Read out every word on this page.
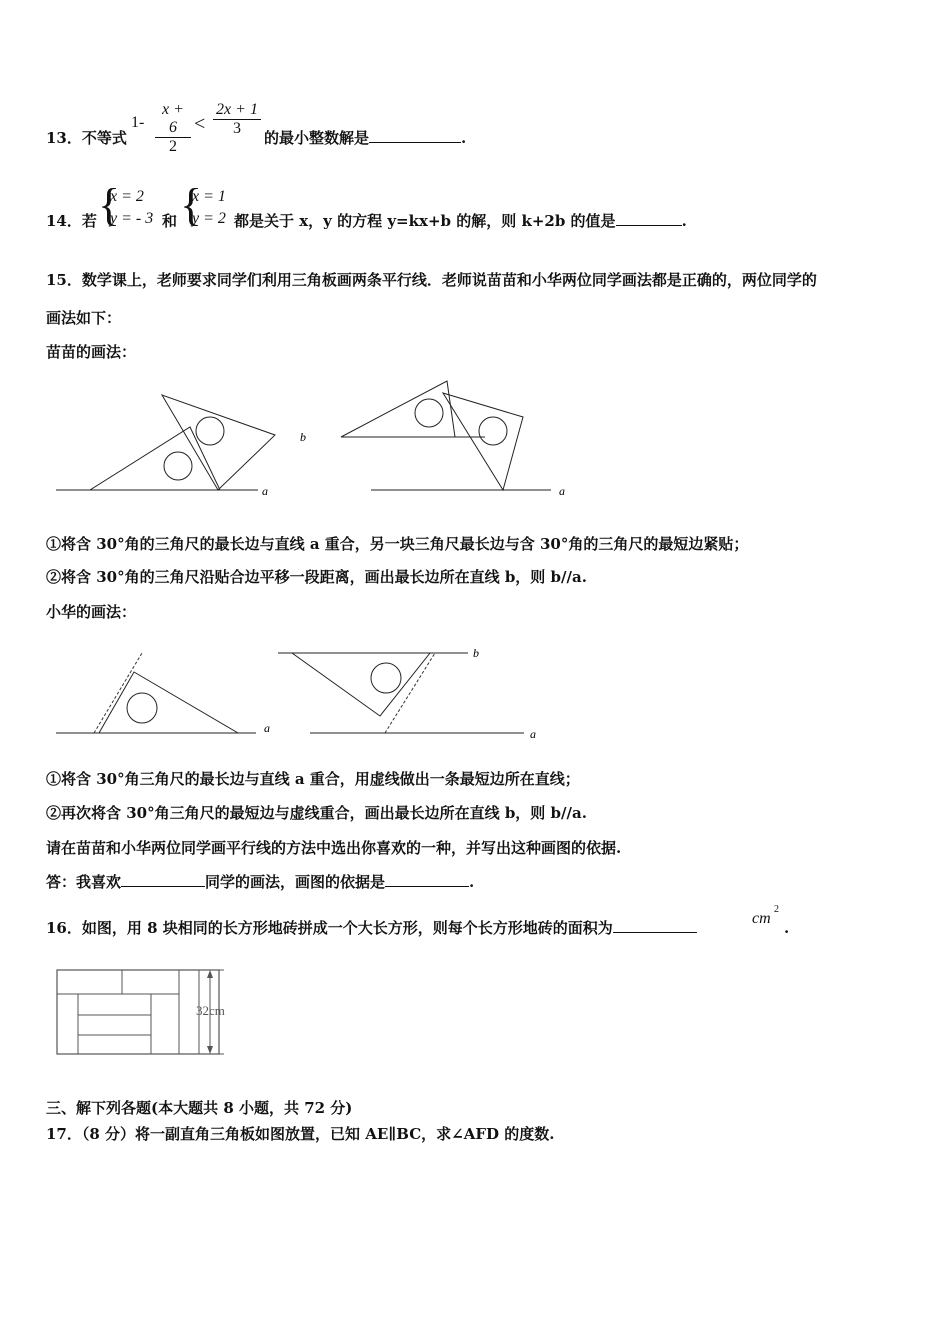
13．不等式
1-
x + 6
2
<
2x + 1
3
的最小整数解是	.
14．若 {
x = 2
y = - 3 和 {
x = 1
y = 2 都是关于 x，y 的方程 y=kx+b 的解，则 k+2b 的值是	.
15．数学课上，老师要求同学们利用三角板画两条平行线．老师说苗苗和小华两位同学画法都是正确的，两位同学的
画法如下：
苗苗的画法：
a
b
a
①将含 30°角的三角尺的最长边与直线 a 重合，另一块三角尺最长边与含 30°角的三角尺的最短边紧贴；
②将含 30°角的三角尺沿贴合边平移一段距离，画出最长边所在直线 b，则 b//a.
小华的画法：
a
b
a
①将含 30°角三角尺的最长边与直线 a 重合，用虚线做出一条最短边所在直线；
②再次将含 30°角三角尺的最短边与虚线重合，画出最长边所在直线 b，则 b//a.
请在苗苗和小华两位同学画平行线的方法中选出你喜欢的一种，并写出这种画图的依据.
答：我喜欢	同学的画法，画图的依据是	.
16．如图，用 8 块相同的长方形地砖拼成一个大长方形，则每个长方形地砖的面积为
cm
2
.
32cm
三、解下列各题(本大题共 8 小题，共 72 分)
17．（8 分）将一副直角三角板如图放置，已知 AE∥BC，求∠AFD 的度数.
